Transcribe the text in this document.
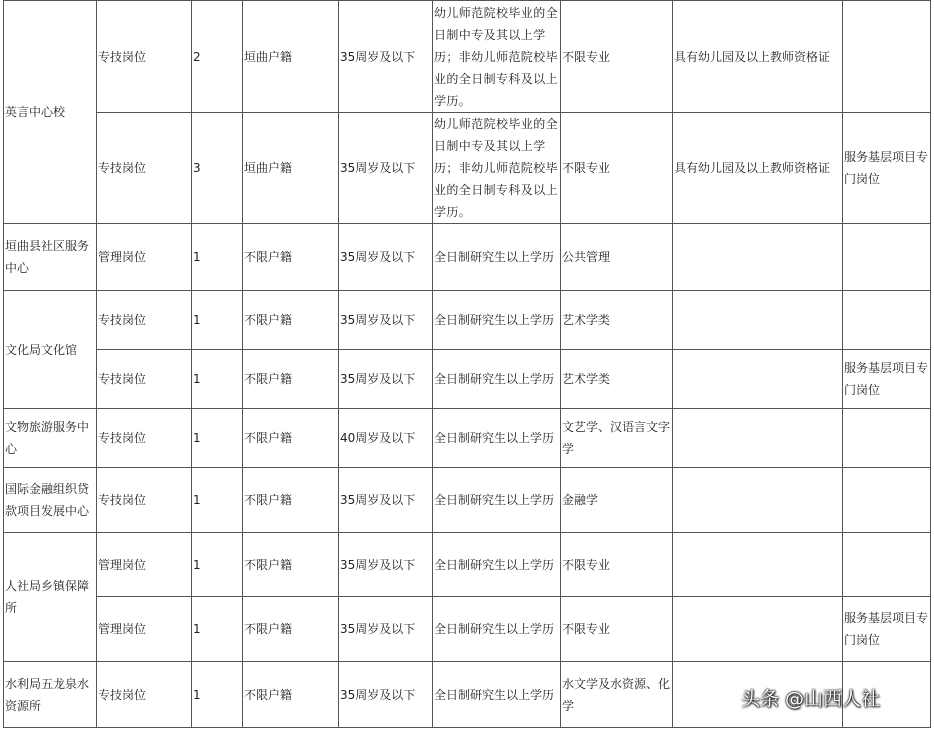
英言中心校	专技岗位	2	垣曲户籍	35周岁及以下	幼儿师范院校毕业的全日制中专及其以上学历；非幼儿师范院校毕业的全日制专科及以上学历。	不限专业	具有幼儿园及以上教师资格证	
	专技岗位	3	垣曲户籍	35周岁及以下	幼儿师范院校毕业的全日制中专及其以上学历；非幼儿师范院校毕业的全日制专科及以上学历。	不限专业	具有幼儿园及以上教师资格证	服务基层项目专门岗位
垣曲县社区服务中心	管理岗位	1	不限户籍	35周岁及以下	全日制研究生以上学历	公共管理		
文化局文化馆	专技岗位	1	不限户籍	35周岁及以下	全日制研究生以上学历	艺术学类		
	专技岗位	1	不限户籍	35周岁及以下	全日制研究生以上学历	艺术学类		服务基层项目专门岗位
文物旅游服务中心	专技岗位	1	不限户籍	40周岁及以下	全日制研究生以上学历	文艺学、汉语言文字学		
国际金融组织贷款项目发展中心	专技岗位	1	不限户籍	35周岁及以下	全日制研究生以上学历	金融学		
人社局乡镇保障所	管理岗位	1	不限户籍	35周岁及以下	全日制研究生以上学历	不限专业		
	管理岗位	1	不限户籍	35周岁及以下	全日制研究生以上学历	不限专业		服务基层项目专门岗位
水利局五龙泉水资源所	专技岗位	1	不限户籍	35周岁及以下	全日制研究生以上学历	水文学及水资源、化学			头条 @山西人社
